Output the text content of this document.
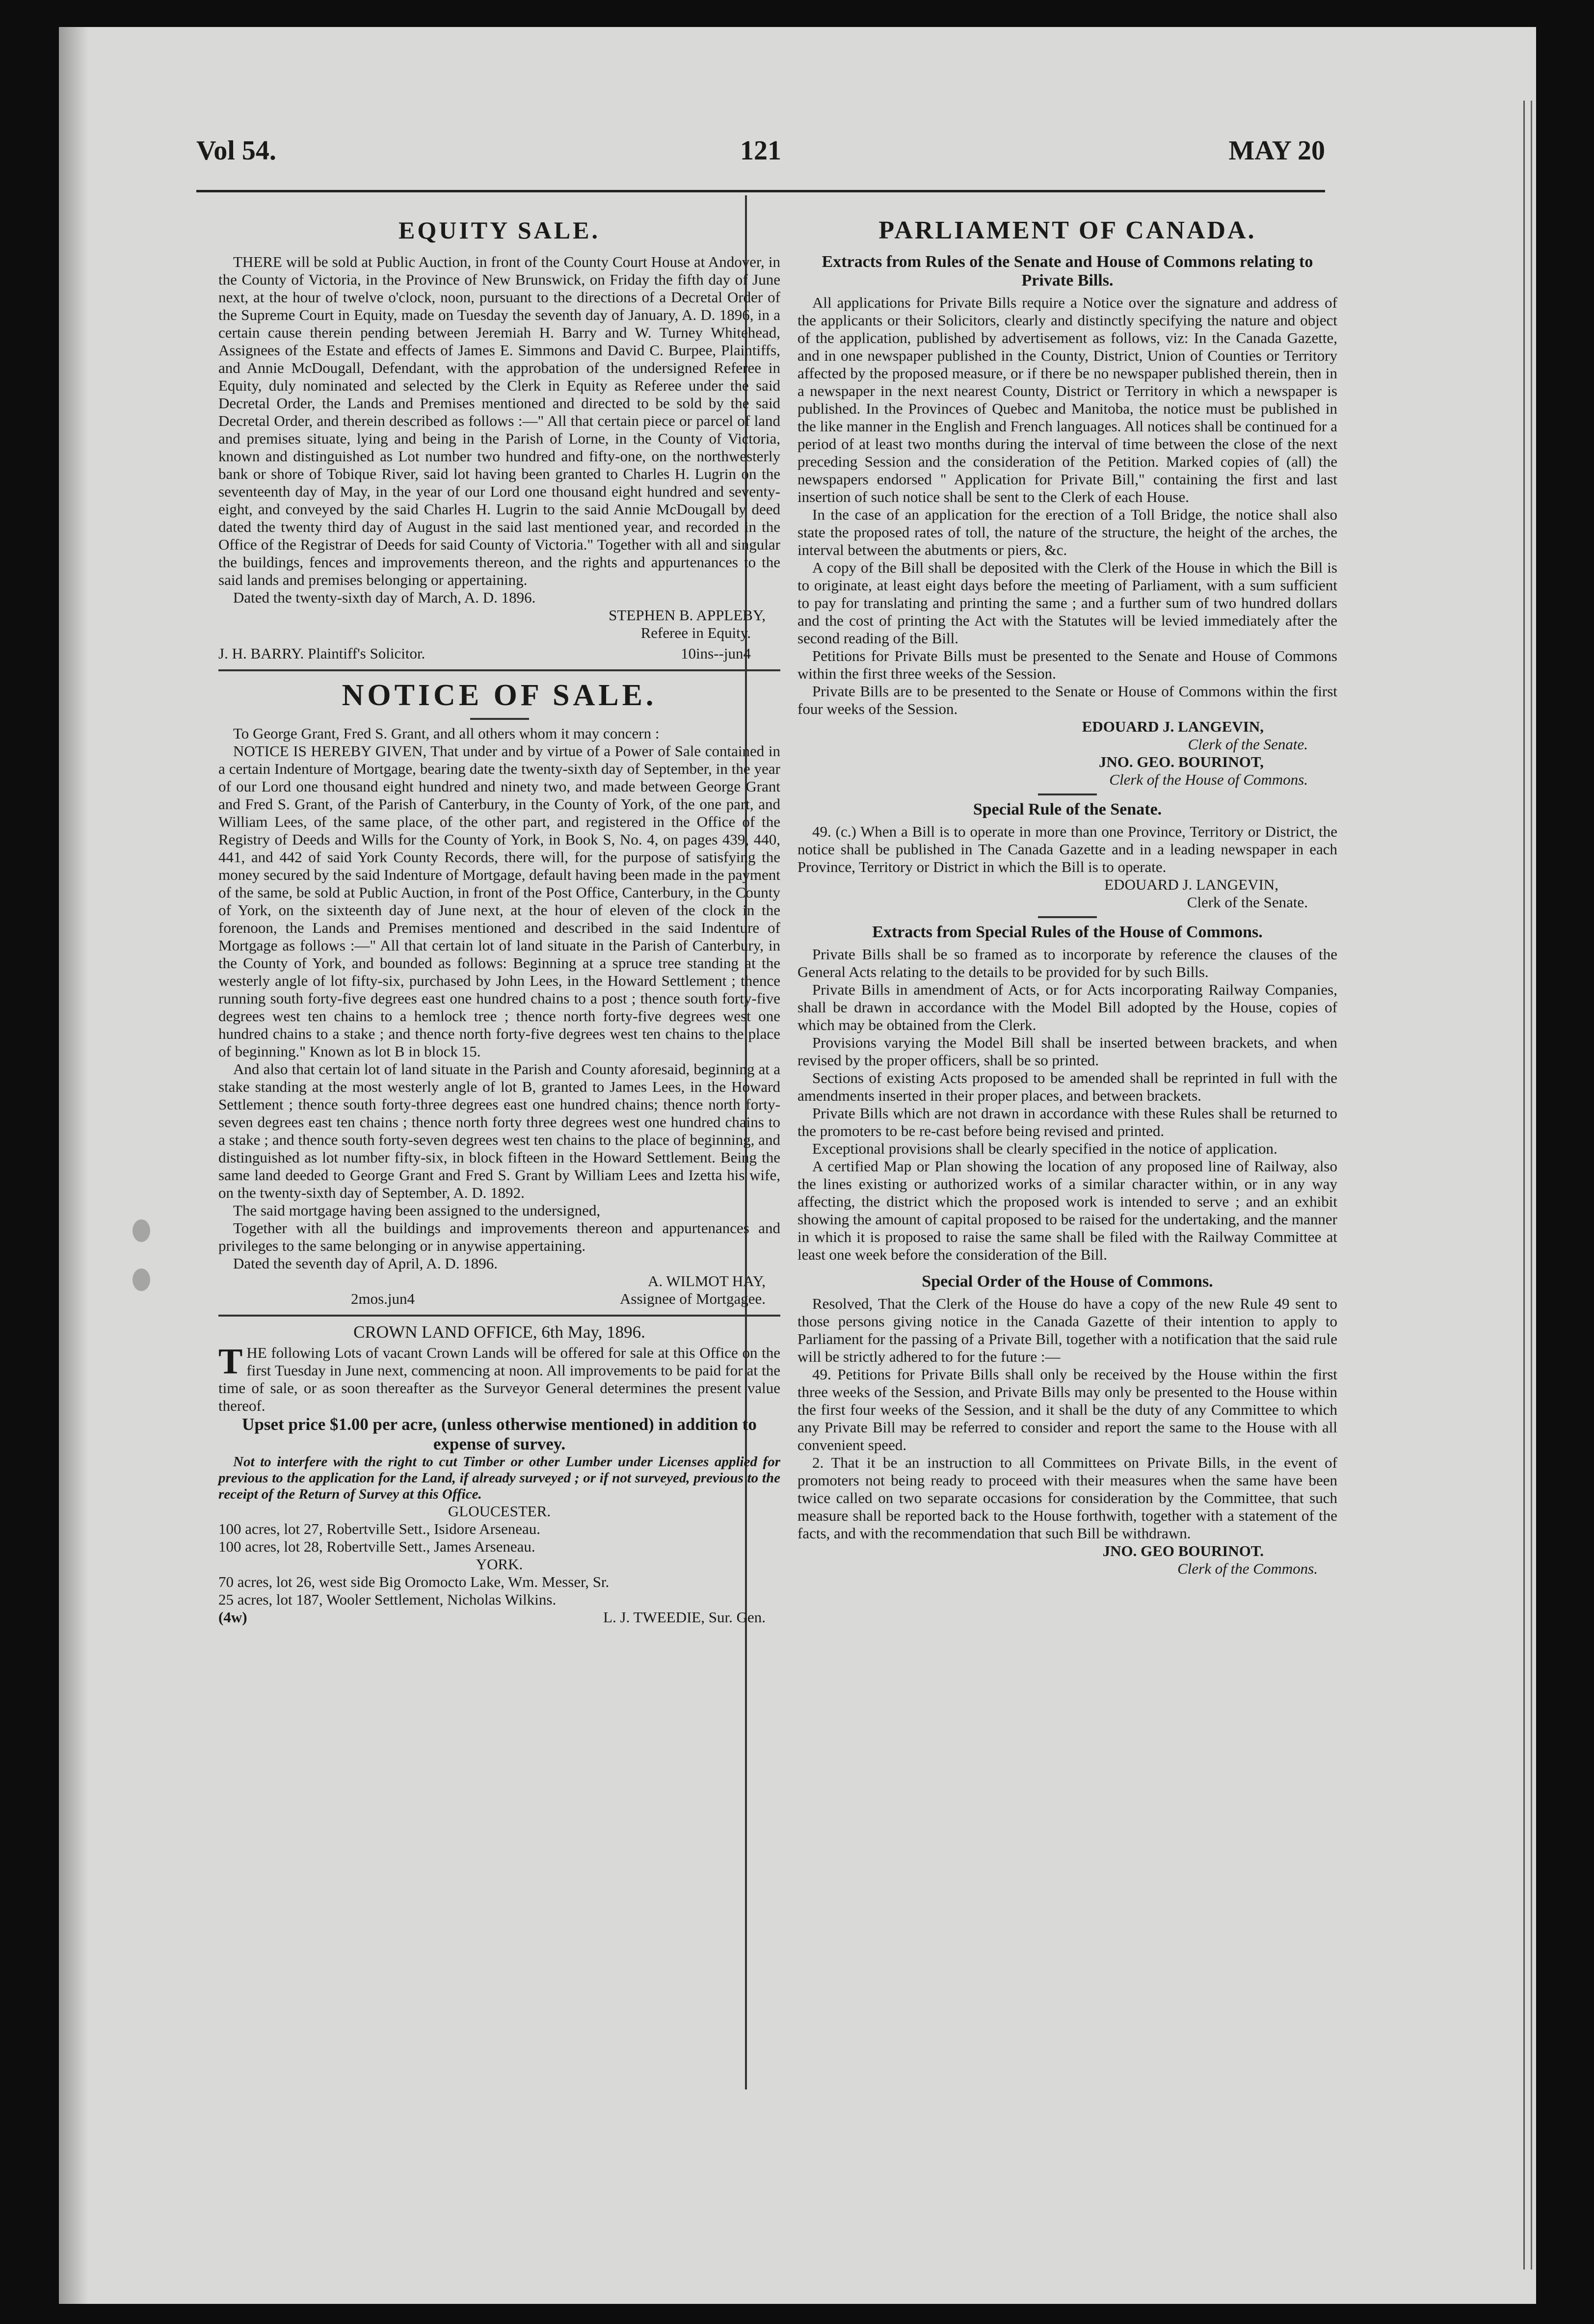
Vol 54.	121	MAY 20
EQUITY SALE.

THERE will be sold at Public Auction, in front of the County Court House at Andover, in the County of Victoria, in the Province of New Brunswick, on Friday the fifth day of June next, at the hour of twelve o'clock, noon, pursuant to the directions of a Decretal Order of the Supreme Court in Equity, made on Tuesday the seventh day of January, A. D. 1896, in a certain cause therein pending between Jeremiah H. Barry and W. Turney Whitehead, Assignees of the Estate and effects of James E. Simmons and David C. Burpee, Plaintiffs, and Annie McDougall, Defendant, with the approbation of the undersigned Referee in Equity, duly nominated and selected by the Clerk in Equity as Referee under the said Decretal Order, the Lands and Premises mentioned and directed to be sold by the said Decretal Order, and therein described as follows :—" All that certain piece or parcel of land and premises situate, lying and being in the Parish of Lorne, in the County of Victoria, known and distinguished as Lot number two hundred and fifty-one, on the northwesterly bank or shore of Tobique River, said lot having been granted to Charles H. Lugrin on the seventeenth day of May, in the year of our Lord one thousand eight hundred and seventy-eight, and conveyed by the said Charles H. Lugrin to the said Annie McDougall by deed dated the twenty third day of August in the said last mentioned year, and recorded in the Office of the Registrar of Deeds for said County of Victoria." Together with all and singular the buildings, fences and improvements thereon, and the rights and appurtenances to the said lands and premises belonging or appertaining.

Dated the twenty-sixth day of March, A. D. 1896.

STEPHEN B. APPLEBY,
Referee in Equity.
J. H. BARRY. Plaintiff's Solicitor.	10ins--jun4
NOTICE OF SALE.

To George Grant, Fred S. Grant, and all others whom it may concern :

NOTICE IS HEREBY GIVEN, That under and by virtue of a Power of Sale contained in a certain Indenture of Mortgage, bearing date the twenty-sixth day of September, in the year of our Lord one thousand eight hundred and ninety two, and made between George Grant and Fred S. Grant, of the Parish of Canterbury, in the County of York, of the one part, and William Lees, of the same place, of the other part, and registered in the Office of the Registry of Deeds and Wills for the County of York, in Book S, No. 4, on pages 439, 440, 441, and 442 of said York County Records, there will, for the purpose of satisfying the money secured by the said Indenture of Mortgage, default having been made in the payment of the same, be sold at Public Auction, in front of the Post Office, Canterbury, in the County of York, on the sixteenth day of June next, at the hour of eleven of the clock in the forenoon, the Lands and Premises mentioned and described in the said Indenture of Mortgage as follows :—" All that certain lot of land situate in the Parish of Canterbury, in the County of York, and bounded as follows: Beginning at a spruce tree standing at the westerly angle of lot fifty-six, purchased by John Lees, in the Howard Settlement ; thence running south forty-five degrees east one hundred chains to a post ; thence south forty-five degrees west ten chains to a hemlock tree ; thence north forty-five degrees west one hundred chains to a stake ; and thence north forty-five degrees west ten chains to the place of beginning." Known as lot B in block 15.

And also that certain lot of land situate in the Parish and County aforesaid, beginning at a stake standing at the most westerly angle of lot B, granted to James Lees, in the Howard Settlement ; thence south forty-three degrees east one hundred chains; thence north forty-seven degrees east ten chains ; thence north forty three degrees west one hundred chains to a stake ; and thence south forty-seven degrees west ten chains to the place of beginning, and distinguished as lot number fifty-six, in block fifteen in the Howard Settlement. Being the same land deeded to George Grant and Fred S. Grant by William Lees and Izetta his wife, on the twenty-sixth day of September, A. D. 1892.

The said mortgage having been assigned to the undersigned,

Together with all the buildings and improvements thereon and appurtenances and privileges to the same belonging or in anywise appertaining.

Dated the seventh day of April, A. D. 1896.

A. WILMOT HAY,
2mos.jun4	Assignee of Mortgagee.
CROWN LAND OFFICE, 6th May, 1896.

THE following Lots of vacant Crown Lands will be offered for sale at this Office on the first Tuesday in June next, commencing at noon. All improvements to be paid for at the time of sale, or as soon thereafter as the Surveyor General determines the present value thereof.

Upset price $1.00 per acre, (unless otherwise mentioned) in addition to expense of survey.

Not to interfere with the right to cut Timber or other Lumber under Licenses applied for previous to the application for the Land, if already surveyed ; or if not surveyed, previous to the receipt of the Return of Survey at this Office.

GLOUCESTER.

100 acres, lot 27, Robertville Sett., Isidore Arseneau.

100 acres, lot 28, Robertville Sett., James Arseneau.

YORK.

70 acres, lot 26, west side Big Oromocto Lake, Wm. Messer, Sr.

25 acres, lot 187, Wooler Settlement, Nicholas Wilkins.

(4w)	L. J. TWEEDIE, Sur. Gen.
PARLIAMENT OF CANADA.
Extracts from Rules of the Senate and House of Commons relating to Private Bills.

All applications for Private Bills require a Notice over the signature and address of the applicants or their Solicitors, clearly and distinctly specifying the nature and object of the application, published by advertisement as follows, viz: In the Canada Gazette, and in one newspaper published in the County, District, Union of Counties or Territory affected by the proposed measure, or if there be no newspaper published therein, then in a newspaper in the next nearest County, District or Territory in which a newspaper is published. In the Provinces of Quebec and Manitoba, the notice must be published in the like manner in the English and French languages. All notices shall be continued for a period of at least two months during the interval of time between the close of the next preceding Session and the consideration of the Petition. Marked copies of (all) the newspapers endorsed " Application for Private Bill," containing the first and last insertion of such notice shall be sent to the Clerk of each House.

In the case of an application for the erection of a Toll Bridge, the notice shall also state the proposed rates of toll, the nature of the structure, the height of the arches, the interval between the abutments or piers, &c.

A copy of the Bill shall be deposited with the Clerk of the House in which the Bill is to originate, at least eight days before the meeting of Parliament, with a sum sufficient to pay for translating and printing the same ; and a further sum of two hundred dollars and the cost of printing the Act with the Statutes will be levied immediately after the second reading of the Bill.

Petitions for Private Bills must be presented to the Senate and House of Commons within the first three weeks of the Session.

Private Bills are to be presented to the Senate or House of Commons within the first four weeks of the Session.

EDOUARD J. LANGEVIN,
Clerk of the Senate.
JNO. GEO. BOURINOT,
Clerk of the House of Commons.
Special Rule of the Senate.

49. (c.) When a Bill is to operate in more than one Province, Territory or District, the notice shall be published in The Canada Gazette and in a leading newspaper in each Province, Territory or District in which the Bill is to operate.

EDOUARD J. LANGEVIN,
Clerk of the Senate.
Extracts from Special Rules of the House of Commons.

Private Bills shall be so framed as to incorporate by reference the clauses of the General Acts relating to the details to be provided for by such Bills.

Private Bills in amendment of Acts, or for Acts incorporating Railway Companies, shall be drawn in accordance with the Model Bill adopted by the House, copies of which may be obtained from the Clerk.

Provisions varying the Model Bill shall be inserted between brackets, and when revised by the proper officers, shall be so printed.

Sections of existing Acts proposed to be amended shall be reprinted in full with the amendments inserted in their proper places, and between brackets.

Private Bills which are not drawn in accordance with these Rules shall be returned to the promoters to be re-cast before being revised and printed.

Exceptional provisions shall be clearly specified in the notice of application.

A certified Map or Plan showing the location of any proposed line of Railway, also the lines existing or authorized works of a similar character within, or in any way affecting, the district which the proposed work is intended to serve ; and an exhibit showing the amount of capital proposed to be raised for the undertaking, and the manner in which it is proposed to raise the same shall be filed with the Railway Committee at least one week before the consideration of the Bill.

Special Order of the House of Commons.

Resolved, That the Clerk of the House do have a copy of the new Rule 49 sent to those persons giving notice in the Canada Gazette of their intention to apply to Parliament for the passing of a Private Bill, together with a notification that the said rule will be strictly adhered to for the future :—

49. Petitions for Private Bills shall only be received by the House within the first three weeks of the Session, and Private Bills may only be presented to the House within the first four weeks of the Session, and it shall be the duty of any Committee to which any Private Bill may be referred to consider and report the same to the House with all convenient speed.

2. That it be an instruction to all Committees on Private Bills, in the event of promoters not being ready to proceed with their measures when the same have been twice called on two separate occasions for consideration by the Committee, that such measure shall be reported back to the House forthwith, together with a statement of the facts, and with the recommendation that such Bill be withdrawn.

JNO. GEO BOURINOT.
Clerk of the Commons.
